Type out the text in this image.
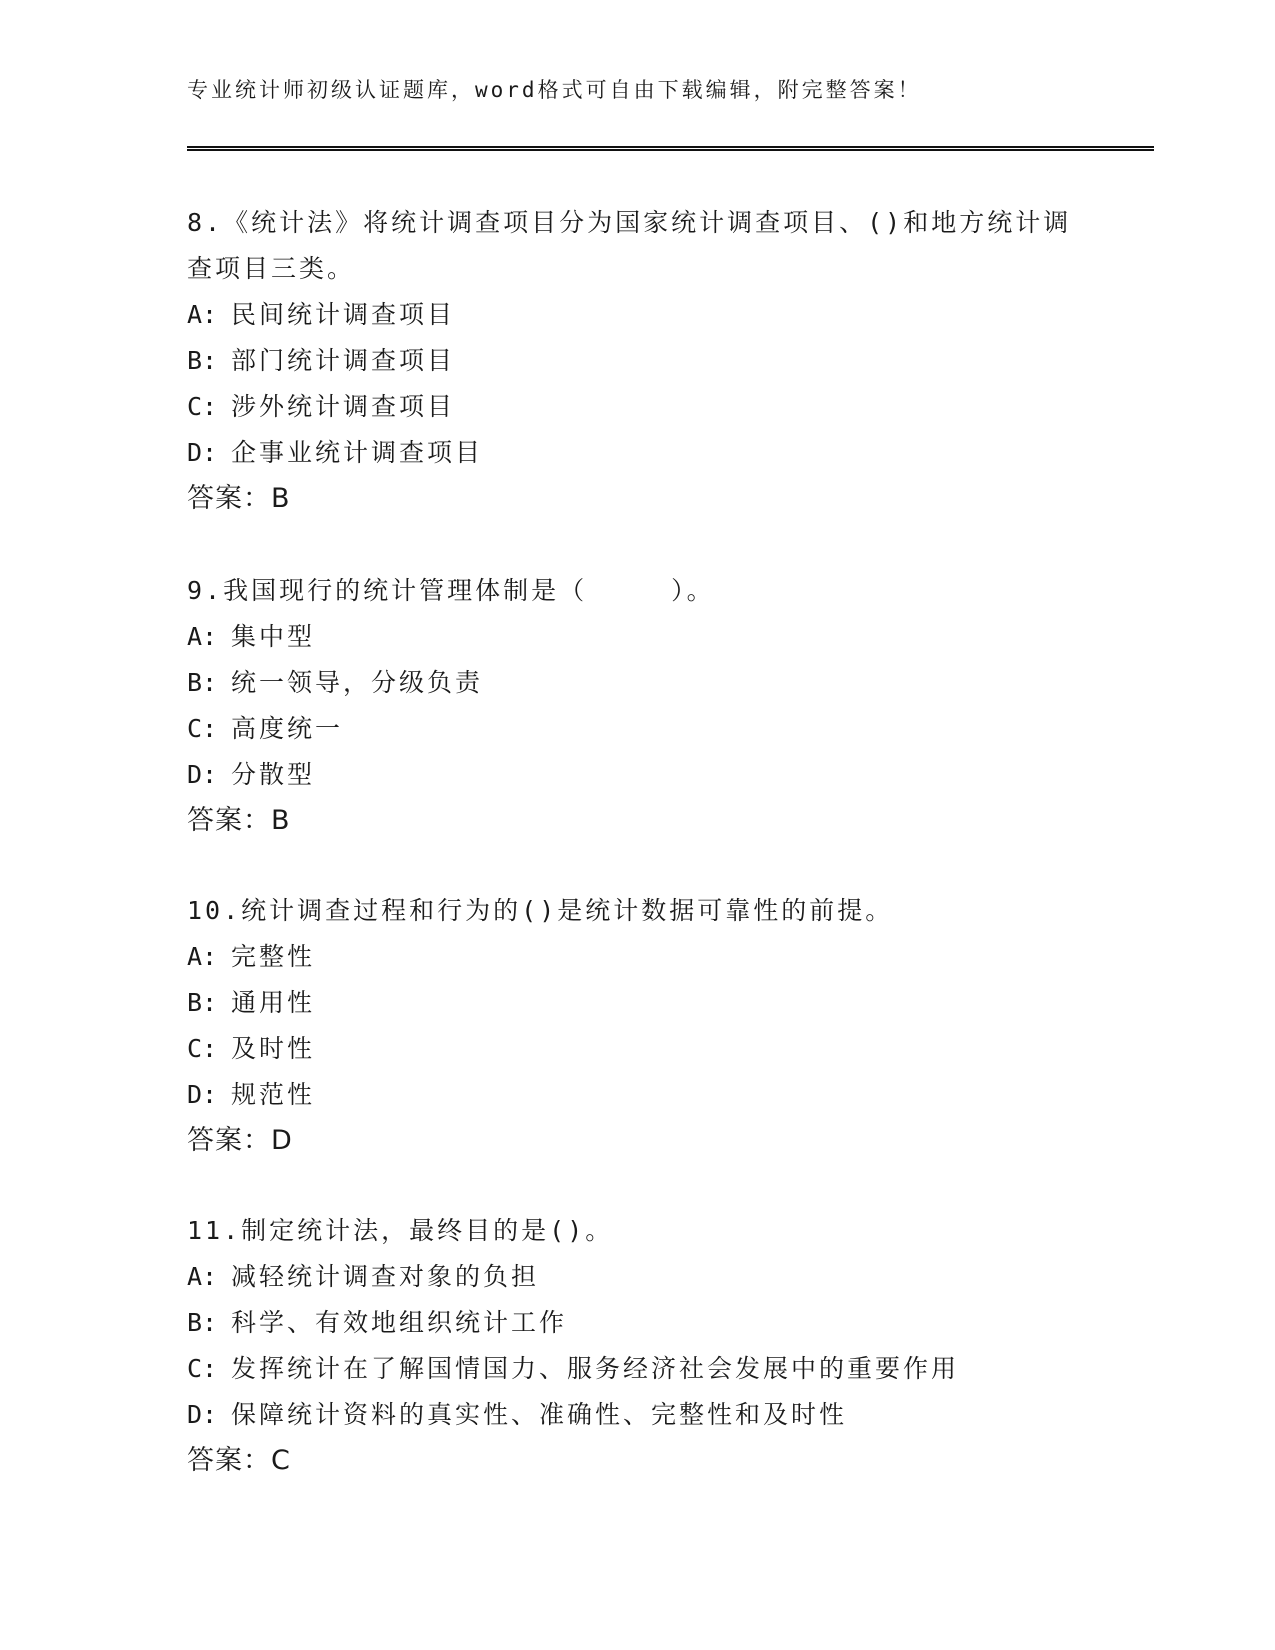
专业统计师初级认证题库，word格式可自由下载编辑，附完整答案！

8.《统计法》将统计调查项目分为国家统计调查项目、()和地方统计调查项目三类。

A: 民间统计调查项目

B: 部门统计调查项目

C: 涉外统计调查项目

D: 企事业统计调查项目

答案：B

9.我国现行的统计管理体制是（　　　）。

A: 集中型

B: 统一领导，分级负责

C: 高度统一

D: 分散型

答案：B

10.统计调查过程和行为的()是统计数据可靠性的前提。

A: 完整性

B: 通用性

C: 及时性

D: 规范性

答案：D

11.制定统计法，最终目的是()。

A: 减轻统计调查对象的负担

B: 科学、有效地组织统计工作

C: 发挥统计在了解国情国力、服务经济社会发展中的重要作用

D: 保障统计资料的真实性、准确性、完整性和及时性

答案：C
